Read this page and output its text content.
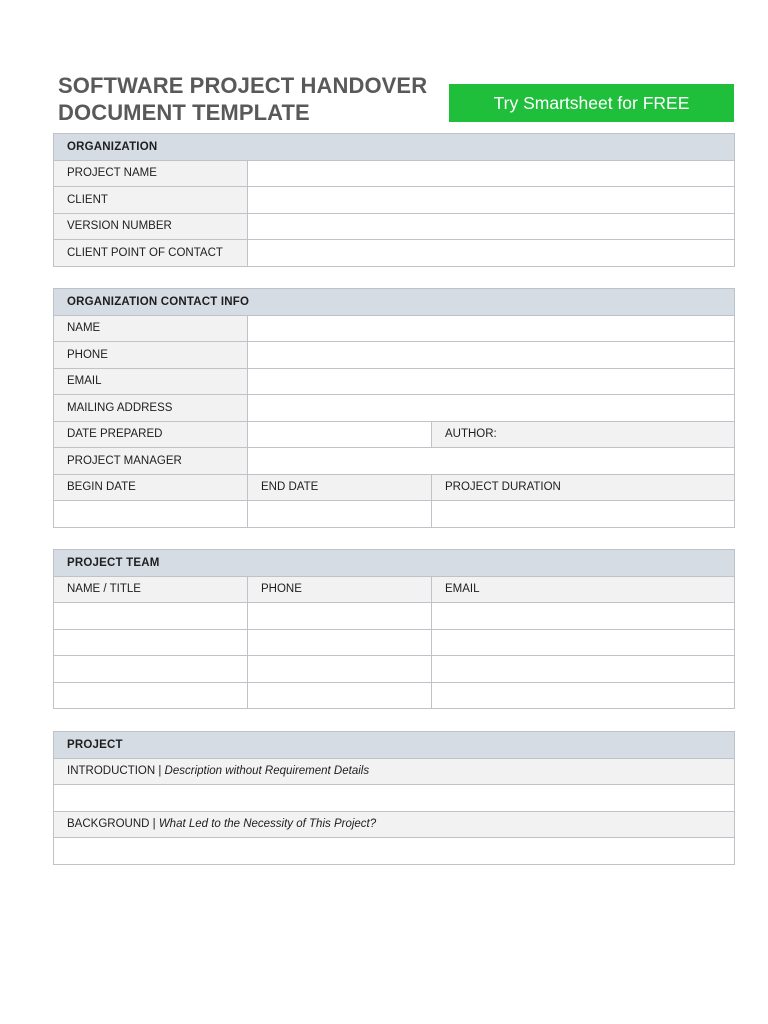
SOFTWARE PROJECT HANDOVER
DOCUMENT TEMPLATE	Try Smartsheet for FREE
ORGANIZATION	
PROJECT NAME	
CLIENT	
VERSION NUMBER	
CLIENT POINT OF CONTACT	
ORGANIZATION CONTACT INFO		
NAME		
PHONE		
EMAIL		
MAILING ADDRESS		
DATE PREPARED		AUTHOR:
PROJECT MANAGER		
BEGIN DATE	END DATE	PROJECT DURATION

PROJECT TEAM		
NAME / TITLE	PHONE	EMAIL

PROJECT
INTRODUCTION | Description without Requirement Details

BACKGROUND | What Led to the Necessity of This Project?
